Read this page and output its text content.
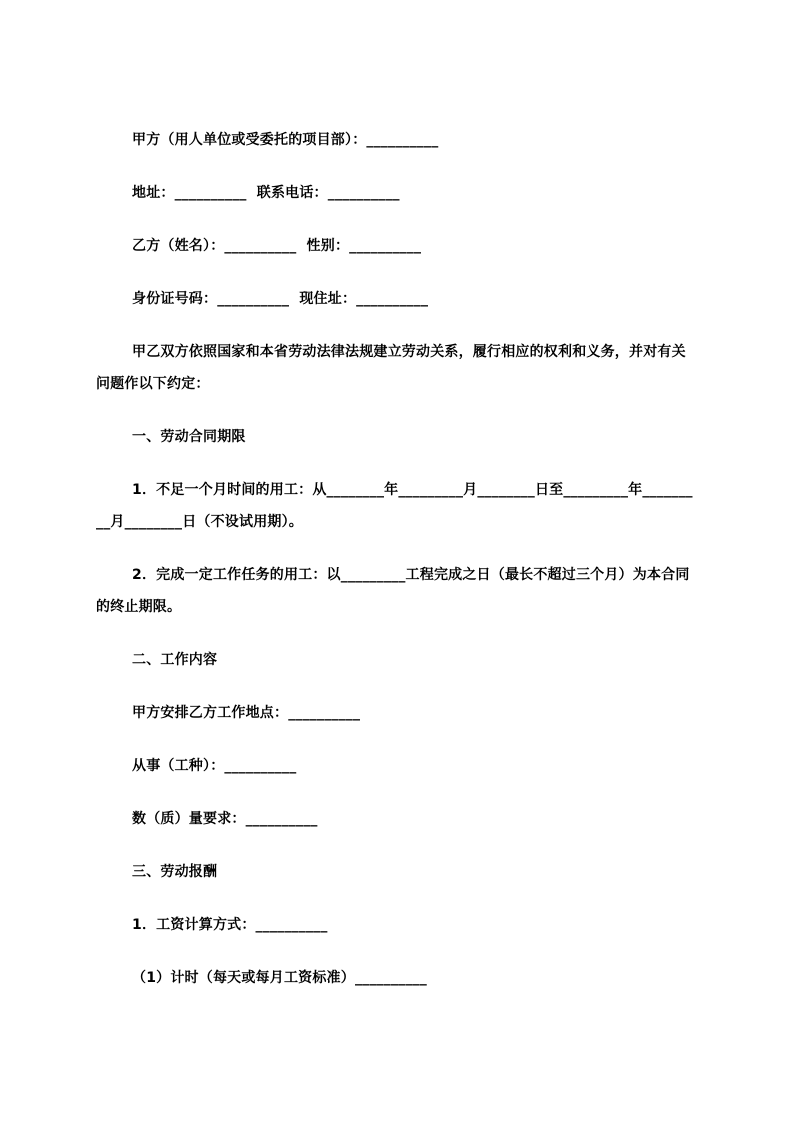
甲方（用人单位或受委托的项目部）：__________

地址：__________  联系电话：__________

乙方（姓名）：__________  性别：__________

身份证号码：__________  现住址：__________

甲乙双方依照国家和本省劳动法律法规建立劳动关系，履行相应的权利和义务，并对有关问题作以下约定：

一、劳动合同期限

1．不足一个月时间的用工：从________年_________月________日至_________年_________月________日（不设试用期）。

2．完成一定工作任务的用工：以_________工程完成之日（最长不超过三个月）为本合同的终止期限。

二、工作内容

甲方安排乙方工作地点：__________

从事（工种）：__________

数（质）量要求：__________

三、劳动报酬

1．工资计算方式：__________

（1）计时（每天或每月工资标准）__________
